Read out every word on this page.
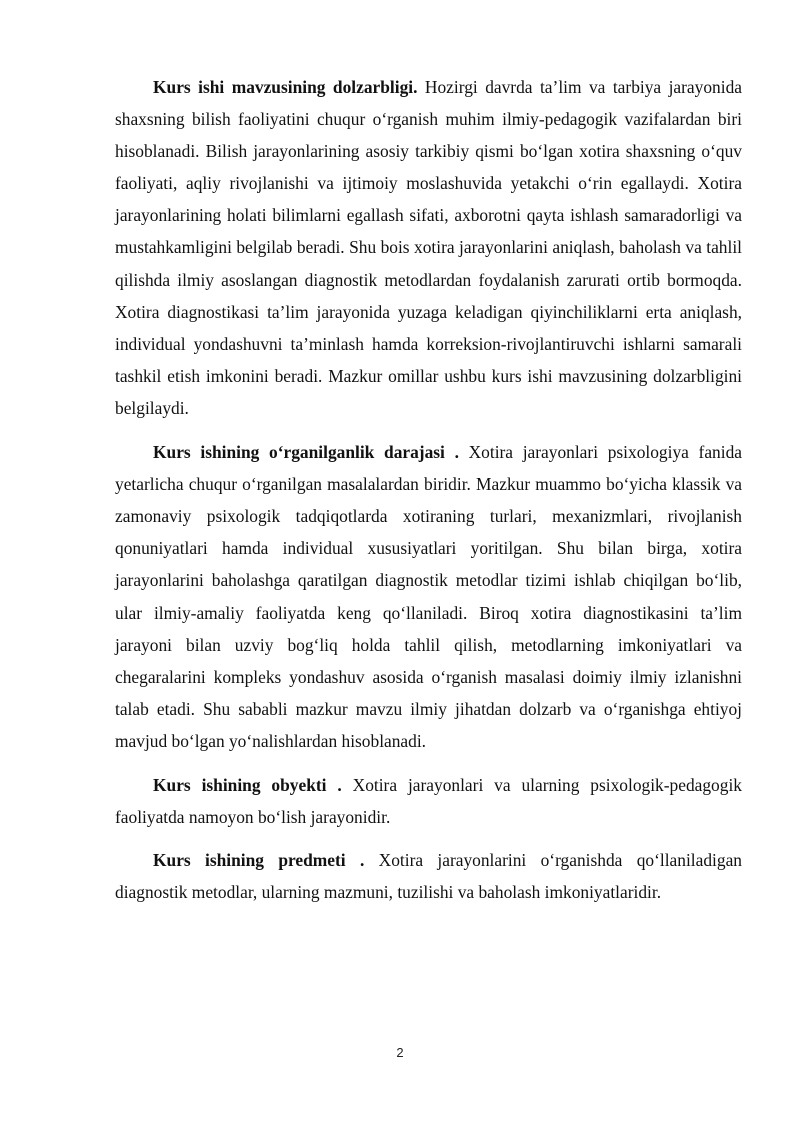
Kurs ishi mavzusining dolzarbligi. Hozirgi davrda ta’lim va tarbiya jarayonida shaxsning bilish faoliyatini chuqur o‘rganish muhim ilmiy-pedagogik vazifalardan biri hisoblanadi. Bilish jarayonlarining asosiy tarkibiy qismi bo‘lgan xotira shaxsning o‘quv faoliyati, aqliy rivojlanishi va ijtimoiy moslashuvida yetakchi o‘rin egallaydi. Xotira jarayonlarining holati bilimlarni egallash sifati, axborotni qayta ishlash samaradorligi va mustahkamligini belgilab beradi. Shu bois xotira jarayonlarini aniqlash, baholash va tahlil qilishda ilmiy asoslangan diagnostik metodlardan foydalanish zarurati ortib bormoqda. Xotira diagnostikasi ta’lim jarayonida yuzaga keladigan qiyinchiliklarni erta aniqlash, individual yondashuvni ta’minlash hamda korreksion-rivojlantiruvchi ishlarni samarali tashkil etish imkonini beradi. Mazkur omillar ushbu kurs ishi mavzusining dolzarbligini belgilaydi.

Kurs ishining o‘rganilganlik darajasi . Xotira jarayonlari psixologiya fanida yetarlicha chuqur o‘rganilgan masalalardan biridir. Mazkur muammo bo‘yicha klassik va zamonaviy psixologik tadqiqotlarda xotiraning turlari, mexanizmlari, rivojlanish qonuniyatlari hamda individual xususiyatlari yoritilgan. Shu bilan birga, xotira jarayonlarini baholashga qaratilgan diagnostik metodlar tizimi ishlab chiqilgan bo‘lib, ular ilmiy-amaliy faoliyatda keng qo‘llaniladi. Biroq xotira diagnostikasini ta’lim jarayoni bilan uzviy bog‘liq holda tahlil qilish, metodlarning imkoniyatlari va chegaralarini kompleks yondashuv asosida o‘rganish masalasi doimiy ilmiy izlanishni talab etadi. Shu sababli mazkur mavzu ilmiy jihatdan dolzarb va o‘rganishga ehtiyoj mavjud bo‘lgan yo‘nalishlardan hisoblanadi.

Kurs ishining obyekti . Xotira jarayonlari va ularning psixologik-pedagogik faoliyatda namoyon bo‘lish jarayonidir.

Kurs ishining predmeti . Xotira jarayonlarini o‘rganishda qo‘llaniladigan diagnostik metodlar, ularning mazmuni, tuzilishi va baholash imkoniyatlaridir.

2
